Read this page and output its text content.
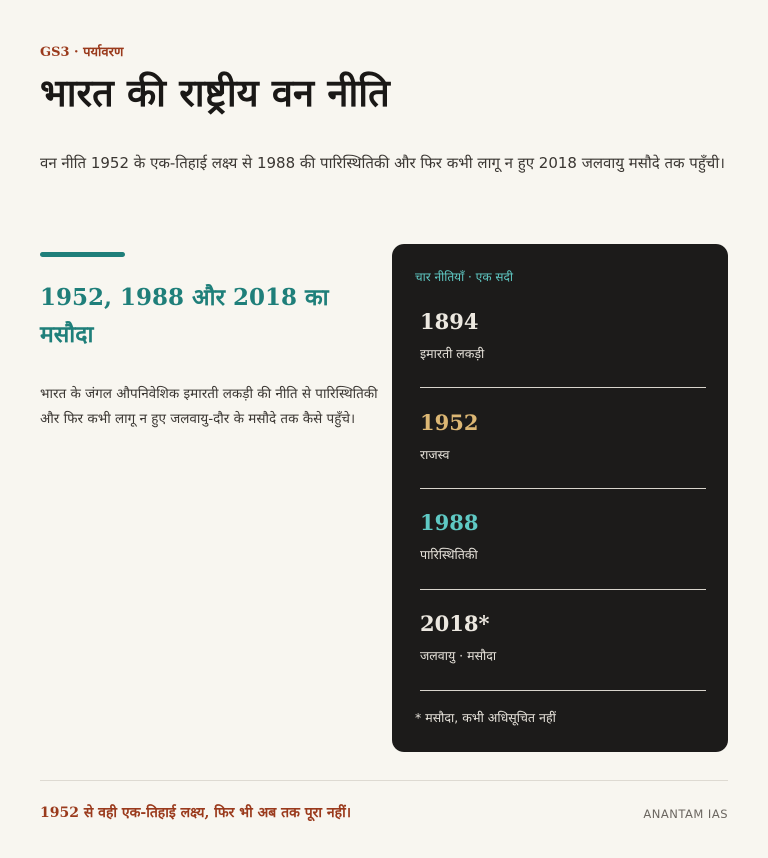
GS3 · पर्यावरण
भारत की राष्ट्रीय वन नीति

वन नीति 1952 के एक-तिहाई लक्ष्य से 1988 की पारिस्थितिकी और फिर कभी लागू न हुए 2018 जलवायु मसौदे तक पहुँची।

1952, 1988 और 2018 का मसौदा

भारत के जंगल औपनिवेशिक इमारती लकड़ी की नीति से पारिस्थितिकी और फिर कभी लागू न हुए जलवायु-दौर के मसौदे तक कैसे पहुँचे।

चार नीतियाँ · एक सदी
1894
इमारती लकड़ी
1952
राजस्व
1988
पारिस्थितिकी
2018*
जलवायु · मसौदा
* मसौदा, कभी अधिसूचित नहीं
1952 से वही एक-तिहाई लक्ष्य, फिर भी अब तक पूरा नहीं।	ANANTAM IAS
